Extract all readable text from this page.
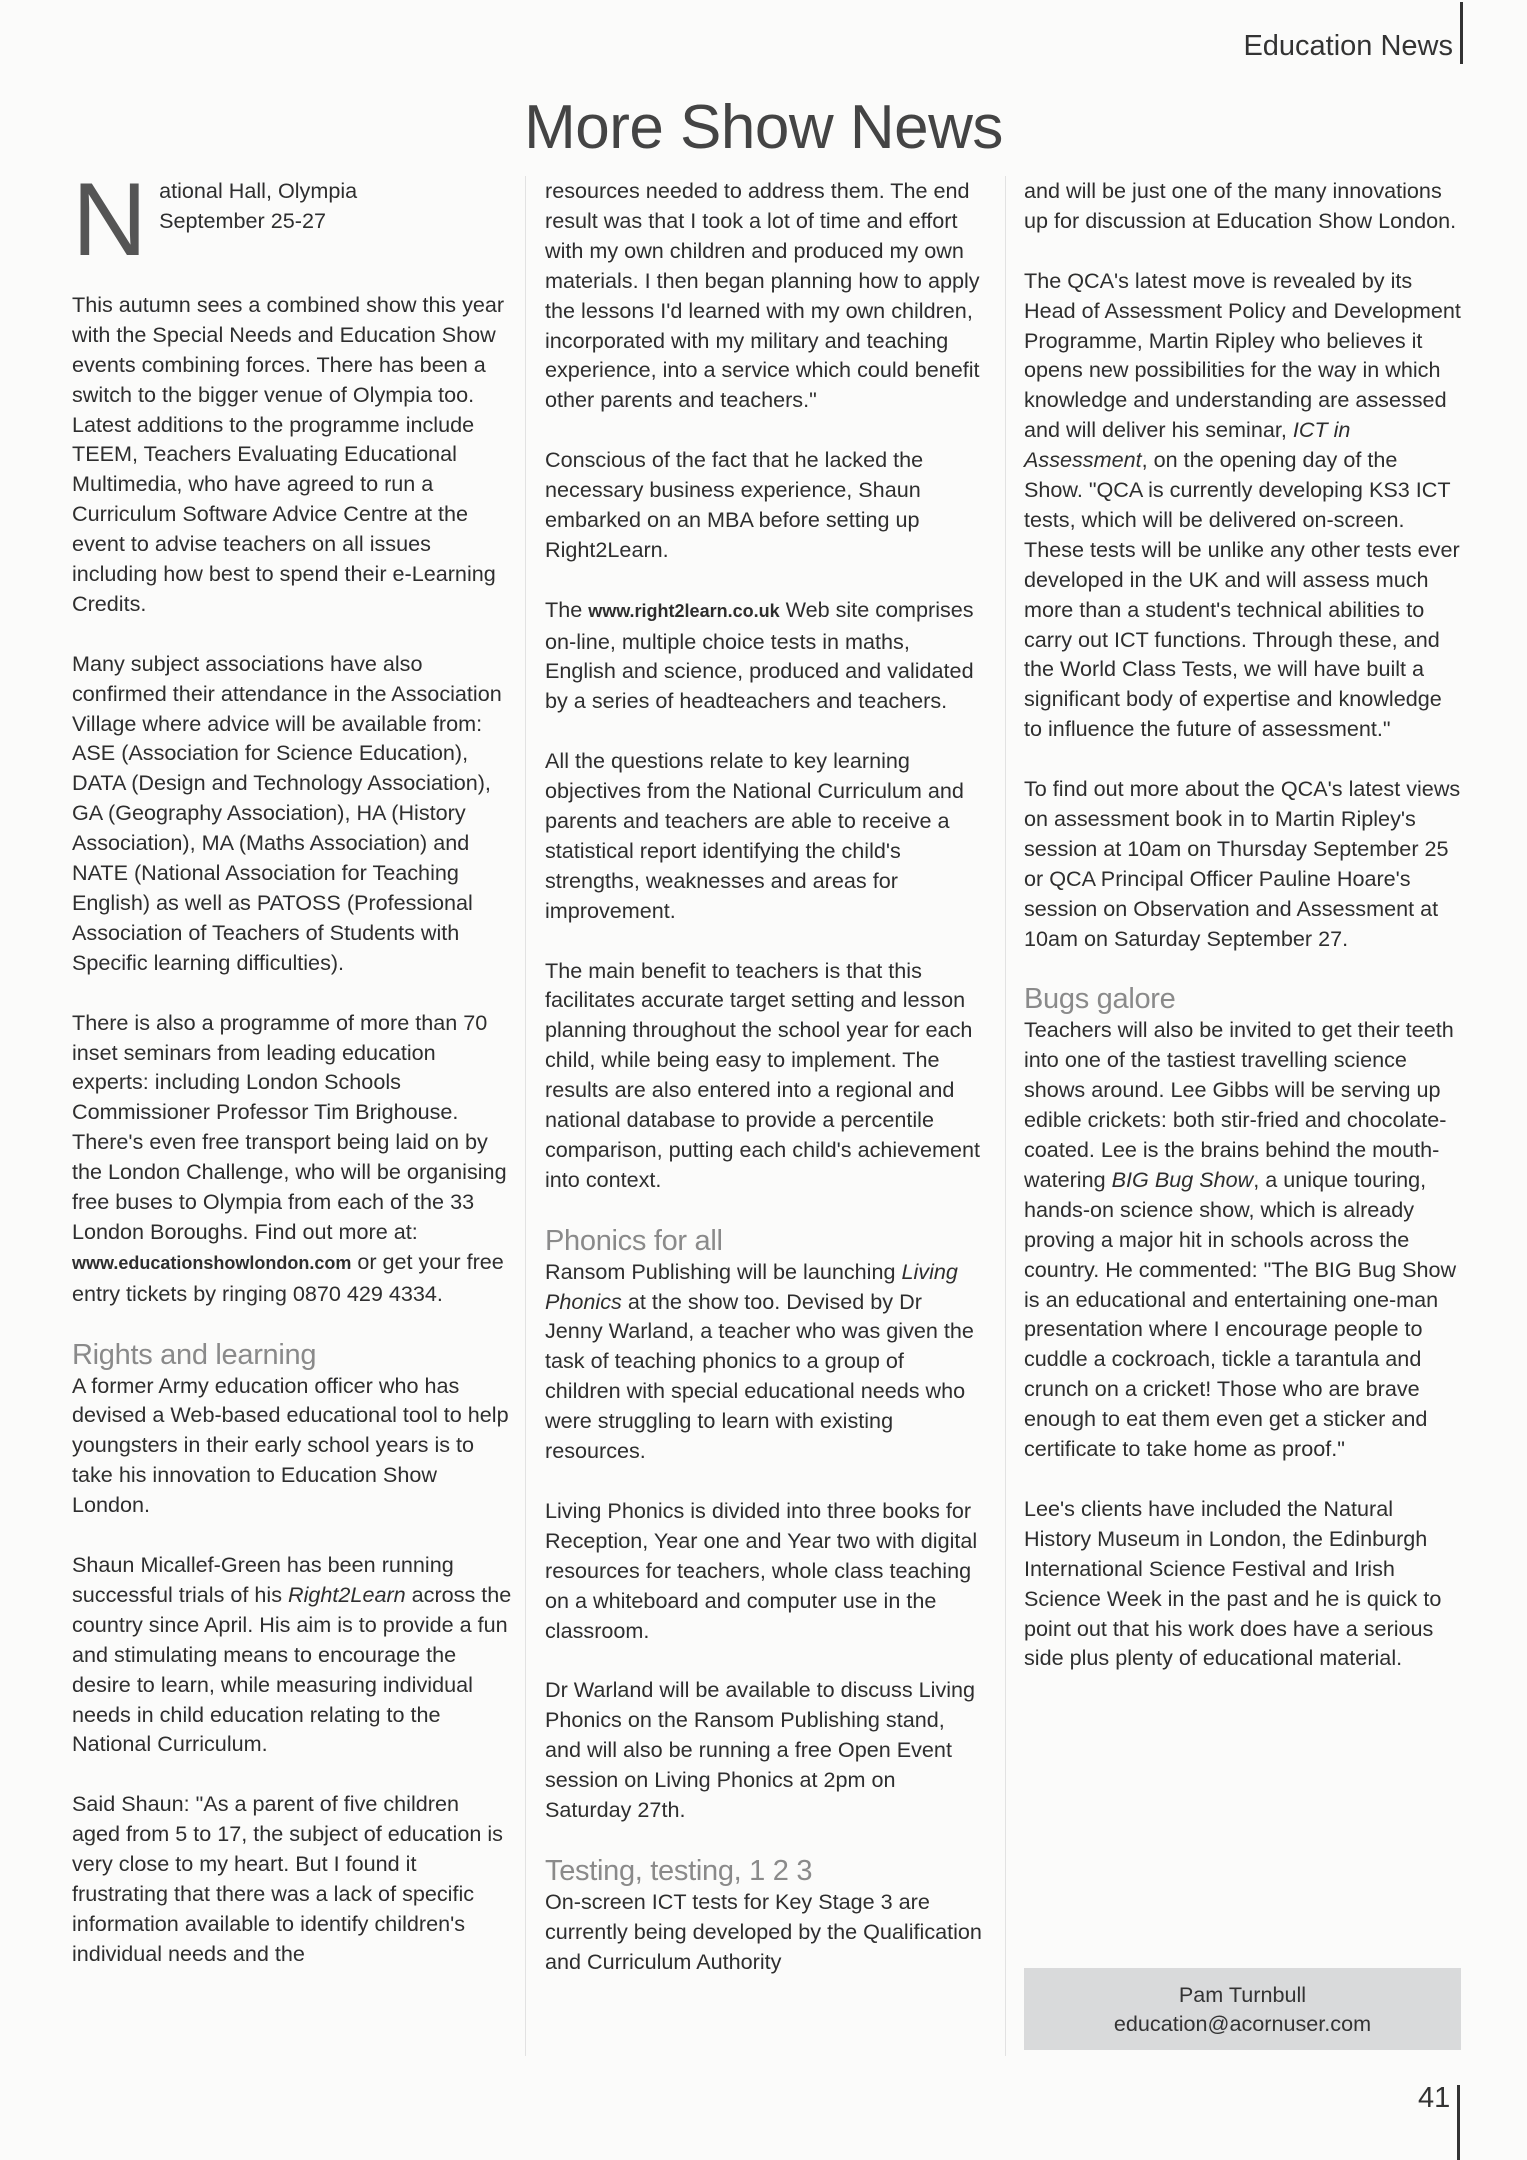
Education News
More Show News
N ational Hall, Olympia
September 25-27

This autumn sees a combined show this year with the Special Needs and Education Show events combining forces. There has been a switch to the bigger venue of Olympia too. Latest additions to the programme include TEEM, Teachers Evaluating Educational Multimedia, who have agreed to run a Curriculum Software Advice Centre at the event to advise teachers on all issues including how best to spend their e-Learning Credits.

Many subject associations have also confirmed their attendance in the Association Village where advice will be available from: ASE (Association for Science Education), DATA (Design and Technology Association), GA (Geography Association), HA (History Association), MA (Maths Association) and NATE (National Association for Teaching English) as well as PATOSS (Professional Association of Teachers of Students with Specific learning difficulties).

There is also a programme of more than 70 inset seminars from leading education experts: including London Schools Commissioner Professor Tim Brighouse. There's even free transport being laid on by the London Challenge, who will be organising free buses to Olympia from each of the 33 London Boroughs. Find out more at: www.educationshowlondon.com or get your free entry tickets by ringing 0870 429 4334.

Rights and learning

A former Army education officer who has devised a Web-based educational tool to help youngsters in their early school years is to take his innovation to Education Show London.

Shaun Micallef-Green has been running successful trials of his Right2Learn across the country since April. His aim is to provide a fun and stimulating means to encourage the desire to learn, while measuring individual needs in child education relating to the National Curriculum.

Said Shaun: "As a parent of five children aged from 5 to 17, the subject of education is very close to my heart. But I found it frustrating that there was a lack of specific information available to identify children's individual needs and the

resources needed to address them. The end result was that I took a lot of time and effort with my own children and produced my own materials. I then began planning how to apply the lessons I'd learned with my own children, incorporated with my military and teaching experience, into a service which could benefit other parents and teachers."

Conscious of the fact that he lacked the necessary business experience, Shaun embarked on an MBA before setting up Right2Learn.

The www.right2learn.co.uk Web site comprises on-line, multiple choice tests in maths, English and science, produced and validated by a series of headteachers and teachers.

All the questions relate to key learning objectives from the National Curriculum and parents and teachers are able to receive a statistical report identifying the child's strengths, weaknesses and areas for improvement.

The main benefit to teachers is that this facilitates accurate target setting and lesson planning throughout the school year for each child, while being easy to implement. The results are also entered into a regional and national database to provide a percentile comparison, putting each child's achievement into context.

Phonics for all

Ransom Publishing will be launching Living Phonics at the show too. Devised by Dr Jenny Warland, a teacher who was given the task of teaching phonics to a group of children with special educational needs who were struggling to learn with existing resources.

Living Phonics is divided into three books for Reception, Year one and Year two with digital resources for teachers, whole class teaching on a whiteboard and computer use in the classroom.

Dr Warland will be available to discuss Living Phonics on the Ransom Publishing stand, and will also be running a free Open Event session on Living Phonics at 2pm on Saturday 27th.

Testing, testing, 1 2 3

On-screen ICT tests for Key Stage 3 are currently being developed by the Qualification and Curriculum Authority

and will be just one of the many innovations up for discussion at Education Show London.

The QCA's latest move is revealed by its Head of Assessment Policy and Development Programme, Martin Ripley who believes it opens new possibilities for the way in which knowledge and understanding are assessed and will deliver his seminar, ICT in Assessment, on the opening day of the Show. "QCA is currently developing KS3 ICT tests, which will be delivered on-screen. These tests will be unlike any other tests ever developed in the UK and will assess much more than a student's technical abilities to carry out ICT functions. Through these, and the World Class Tests, we will have built a significant body of expertise and knowledge to influence the future of assessment."

To find out more about the QCA's latest views on assessment book in to Martin Ripley's session at 10am on Thursday September 25 or QCA Principal Officer Pauline Hoare's session on Observation and Assessment at 10am on Saturday September 27.

Bugs galore

Teachers will also be invited to get their teeth into one of the tastiest travelling science shows around. Lee Gibbs will be serving up edible crickets: both stir-fried and chocolate-coated. Lee is the brains behind the mouth-watering BIG Bug Show, a unique touring, hands-on science show, which is already proving a major hit in schools across the country. He commented: "The BIG Bug Show is an educational and entertaining one-man presentation where I encourage people to cuddle a cockroach, tickle a tarantula and crunch on a cricket! Those who are brave enough to eat them even get a sticker and certificate to take home as proof."

Lee's clients have included the Natural History Museum in London, the Edinburgh International Science Festival and Irish Science Week in the past and he is quick to point out that his work does have a serious side plus plenty of educational material.

Pam Turnbull
education@acornuser.com
41
